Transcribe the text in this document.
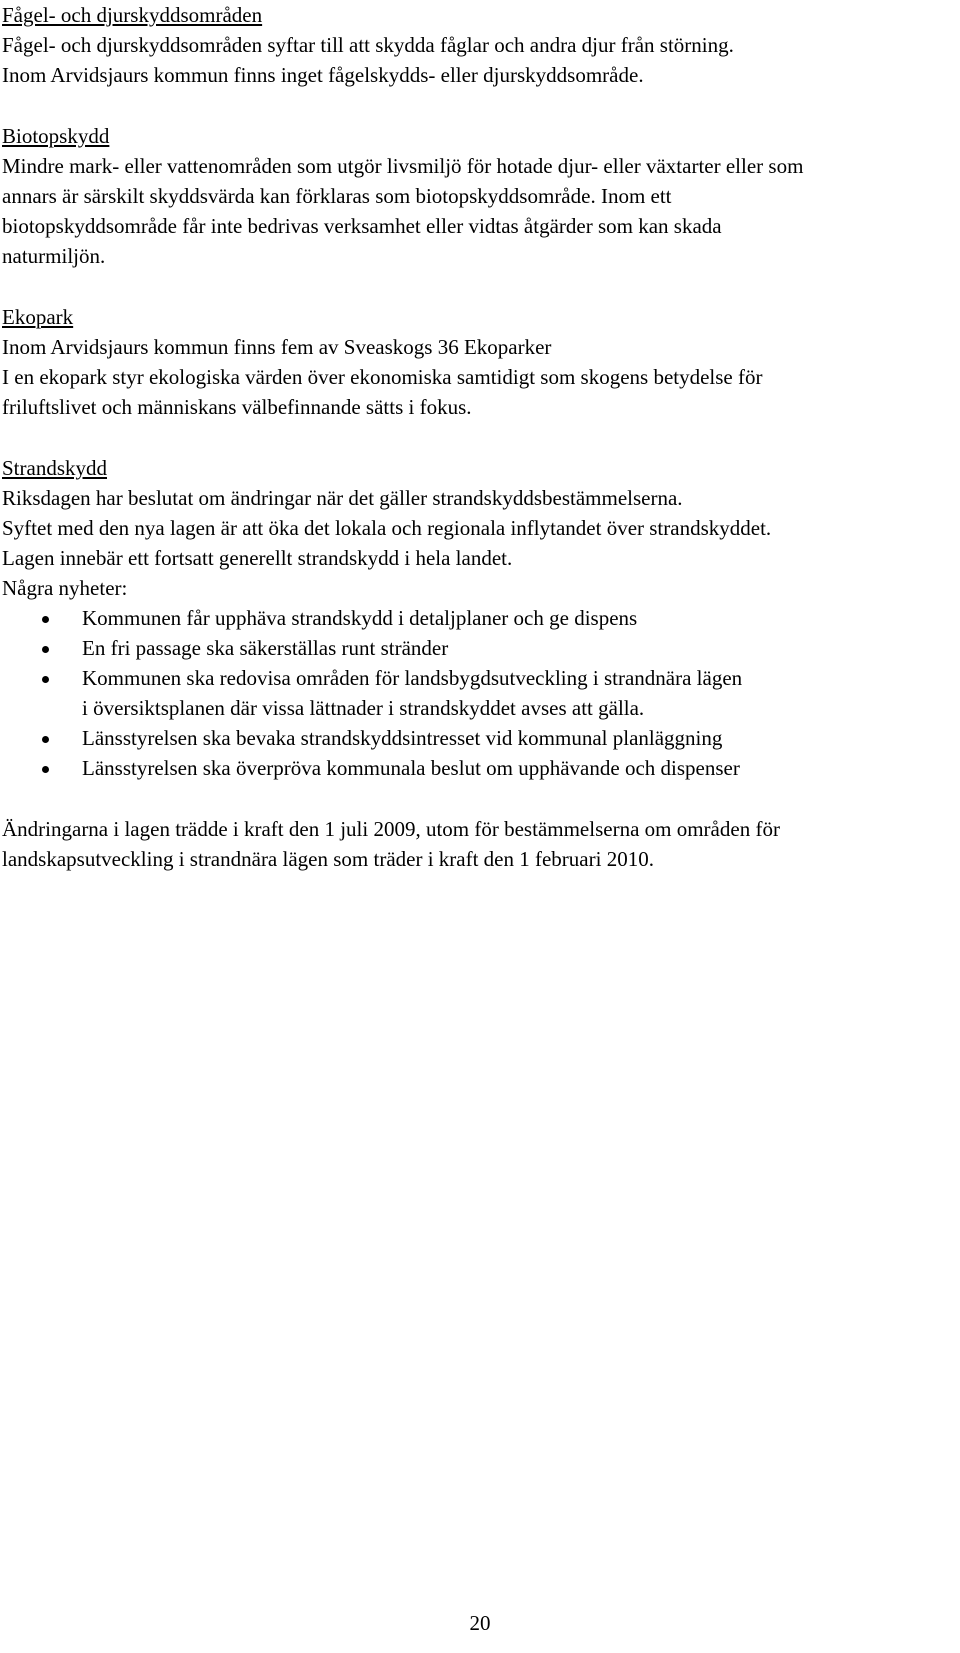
Fågel- och djurskyddsområden
Fågel- och djurskyddsområden syftar till att skydda fåglar och andra djur från störning.
Inom Arvidsjaurs kommun finns inget fågelskydds- eller djurskyddsområde.
Biotopskydd
Mindre mark- eller vattenområden som utgör livsmiljö för hotade djur- eller växtarter eller som
annars är särskilt skyddsvärda kan förklaras som biotopskyddsområde. Inom ett
biotopskyddsområde får inte bedrivas verksamhet eller vidtas åtgärder som kan skada
naturmiljön.
Ekopark
Inom Arvidsjaurs kommun finns fem av Sveaskogs 36 Ekoparker
I en ekopark styr ekologiska värden över ekonomiska samtidigt som skogens betydelse för
friluftslivet och människans välbefinnande sätts i fokus.
Strandskydd
Riksdagen har beslutat om ändringar när det gäller strandskyddsbestämmelserna.
Syftet med den nya lagen är att öka det lokala och regionala inflytandet över strandskyddet.
Lagen innebär ett fortsatt generellt strandskydd i hela landet.
Några nyheter:
Kommunen får upphäva strandskydd i detaljplaner och ge dispens
En fri passage ska säkerställas runt stränder
Kommunen ska redovisa områden för landsbygdsutveckling i strandnära lägen
i översiktsplanen där vissa lättnader i strandskyddet avses att gälla.
Länsstyrelsen ska bevaka strandskyddsintresset vid kommunal planläggning
Länsstyrelsen ska överpröva kommunala beslut om upphävande och dispenser
Ändringarna i lagen trädde i kraft den 1 juli 2009, utom för bestämmelserna om områden för
landskapsutveckling i strandnära lägen som träder i kraft den 1 februari 2010.
20
